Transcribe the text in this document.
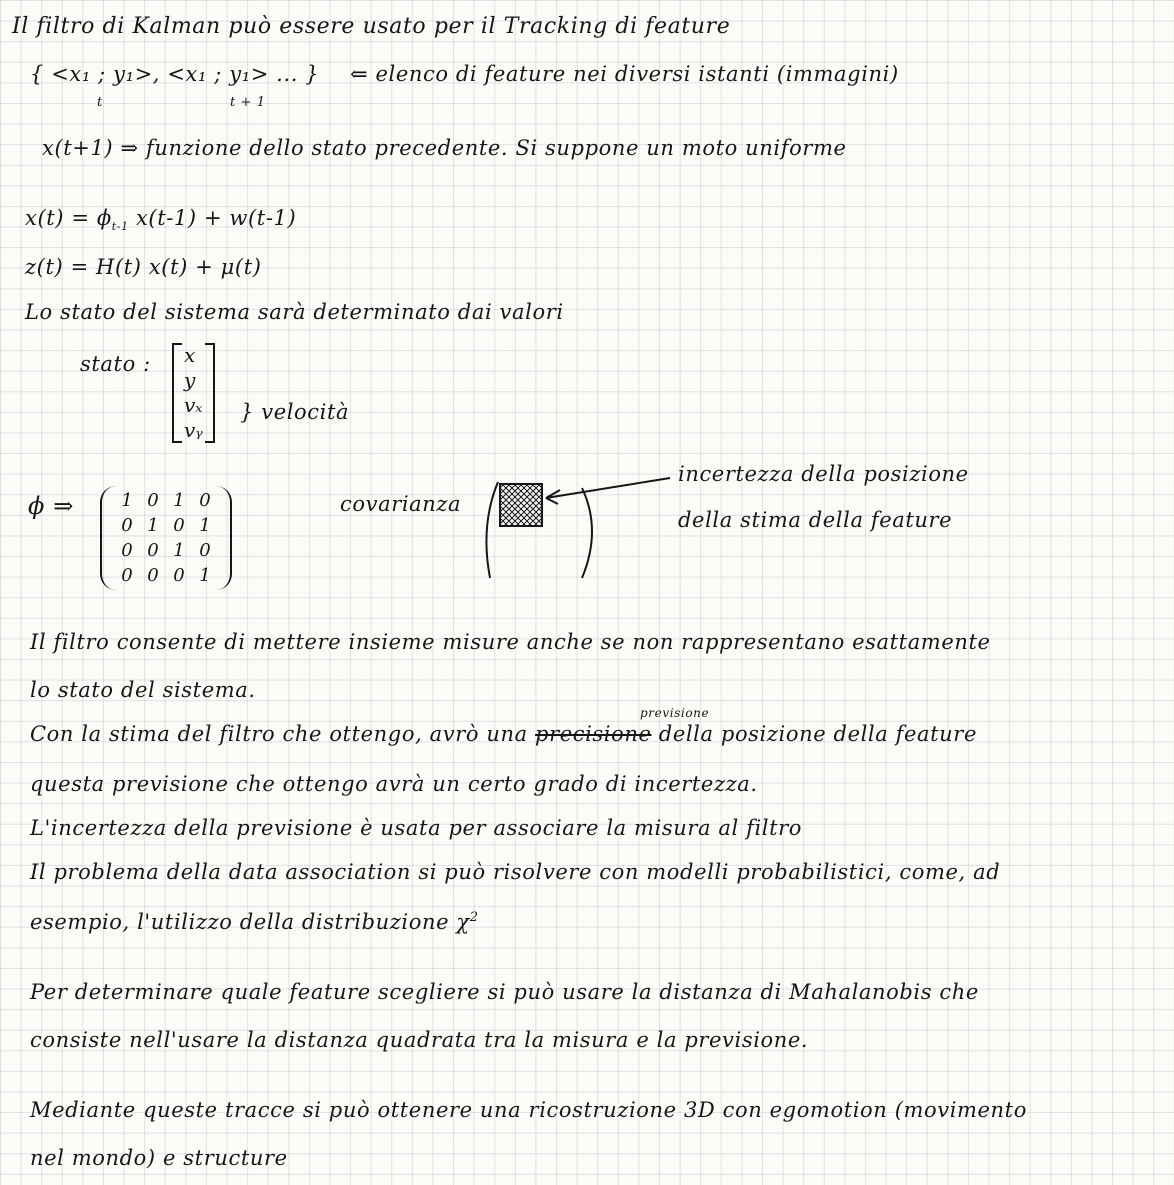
Il filtro di Kalman può essere usato per il Tracking di feature
{ <x₁ ; y₁>, <x₁ ; y₁> ... } ⇐ elenco di feature nei diversi istanti (immagini)
t	t + 1
x(t+1) ⇒ funzione dello stato precedente. Si suppone un moto uniforme
$x(t) = \phi_{t-1}$ x(t-1) + w(t-1)
z(t) = H(t) x(t) + μ(t)
Lo stato del sistema sarà determinato dai valori
stato : x
y
vₓ
vᵧ
} velocità
ϕ ⇒	1 0 1 0
0 1 0 1
0 0 1 0
0 0 0 1
covarianza
incertezza della posizione
della stima della feature
Il filtro consente di mettere insieme misure anche se non rappresentano esattamente
lo stato del sistema.
previsione
Con la stima del filtro che ottengo, avrò una precisione della posizione della feature
questa previsione che ottengo avrà un certo grado di incertezza.
L'incertezza della previsione è usata per associare la misura al filtro
Il problema della data association si può risolvere con modelli probabilistici, come, ad
esempio, l'utilizzo della distribuzione $\chi^2$
Per determinare quale feature scegliere si può usare la distanza di Mahalanobis che
consiste nell'usare la distanza quadrata tra la misura e la previsione.
Mediante queste tracce si può ottenere una ricostruzione 3D con egomotion (movimento
nel mondo) e structure
